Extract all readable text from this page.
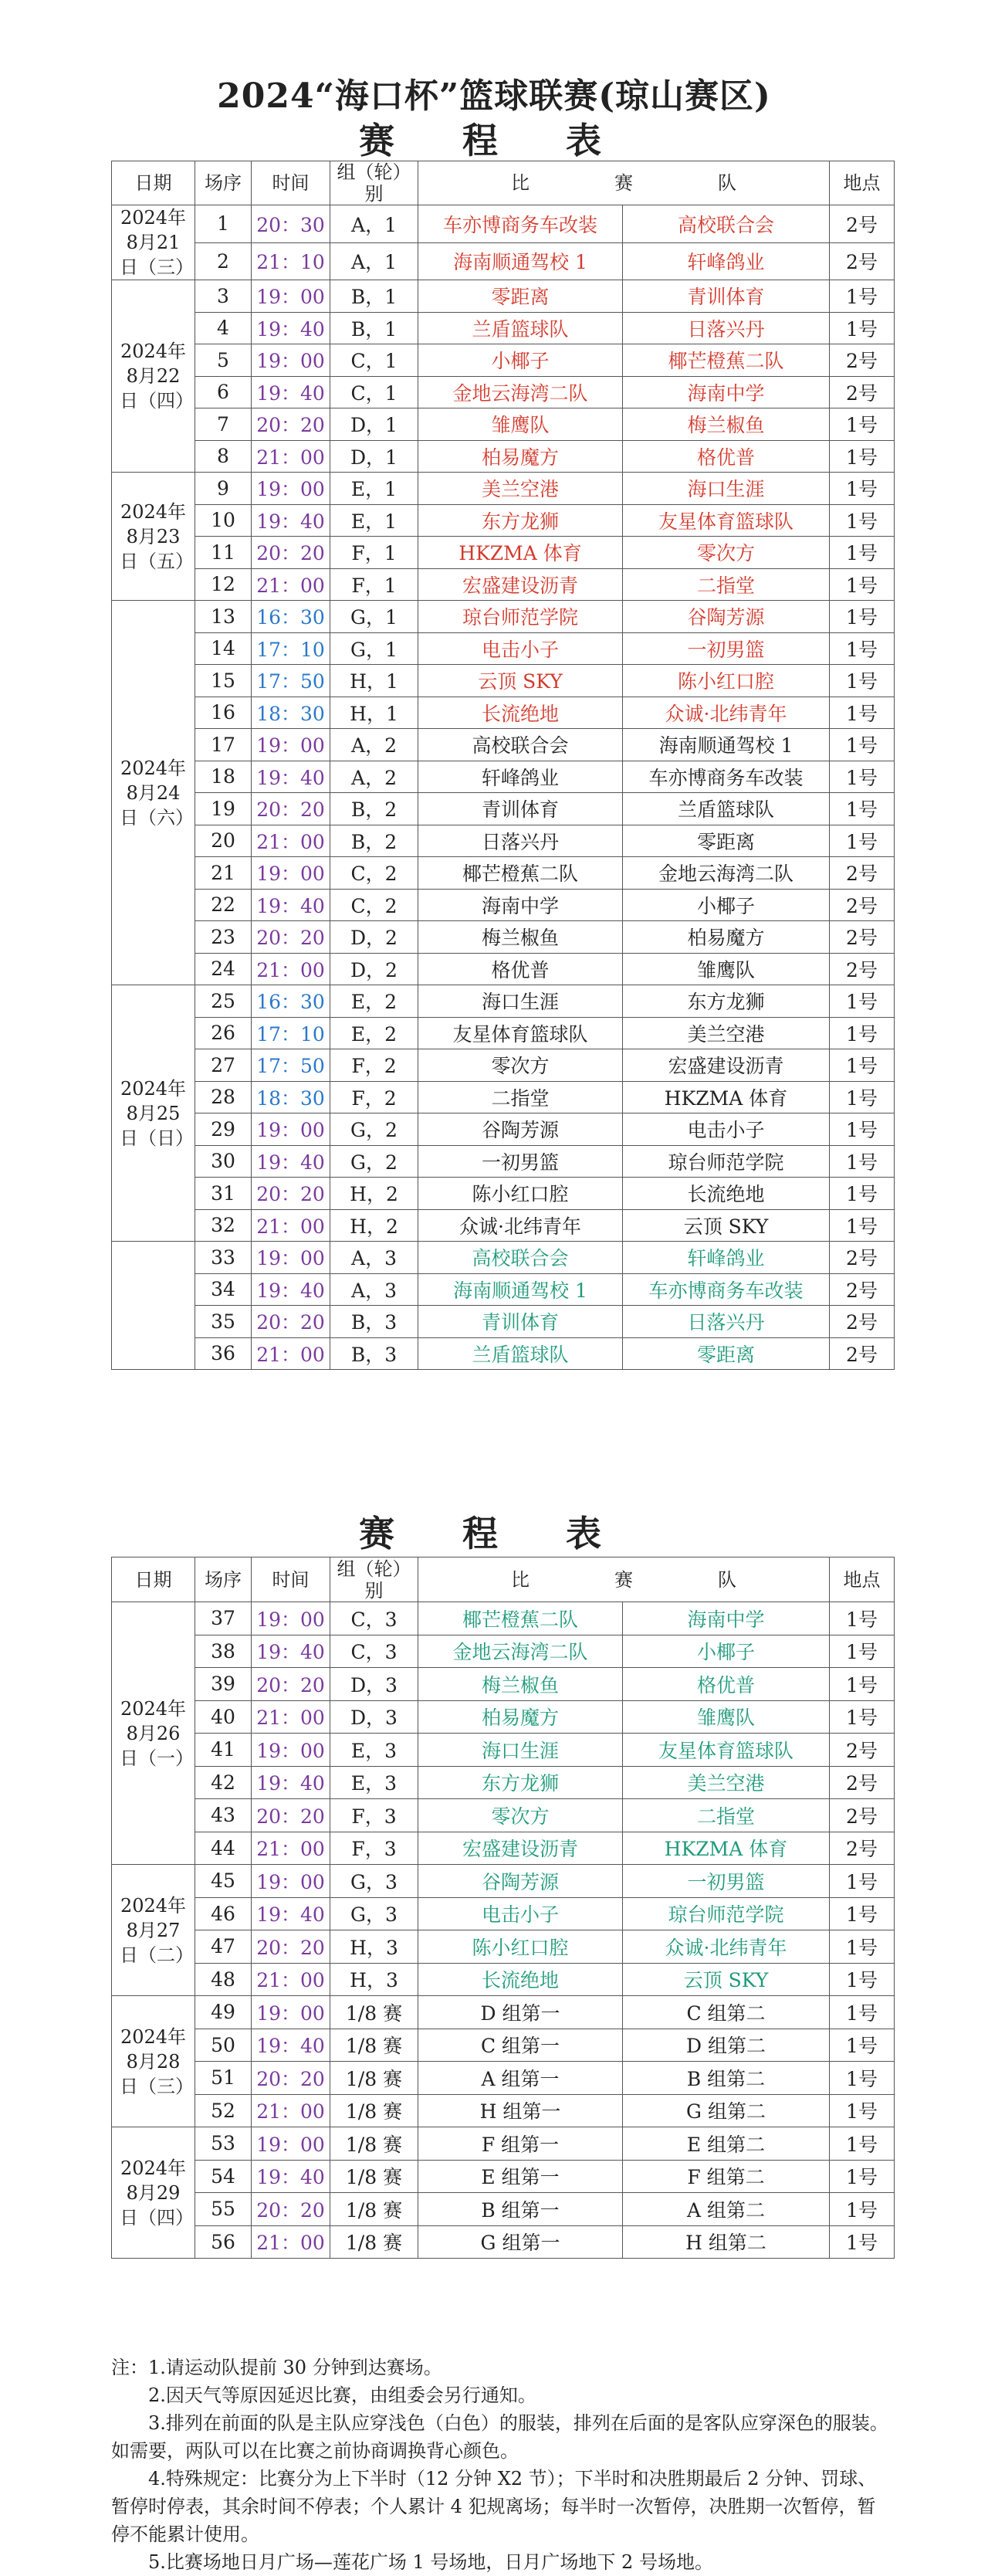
2024“海口杯”篮球联赛(琼山赛区)
赛 程 表
日期	场序	时间	组（轮）别	比 赛 队		地点
2024年8月21日（三）	1	20：30	A，1	车亦博商务车改装	高校联合会	2号
	2	21：10	A，1	海南顺通驾校 1	轩峰鸽业	2号
2024年8月22日（四）	3	19：00	B，1	零距离	青训体育	1号
	4	19：40	B，1	兰盾篮球队	日落兴丹	1号
	5	19：00	C，1	小椰子	椰芒橙蕉二队	2号
	6	19：40	C，1	金地云海湾二队	海南中学	2号
	7	20：20	D，1	雏鹰队	梅兰椒鱼	1号
	8	21：00	D，1	柏易魔方	格优普	1号
2024年8月23日（五）	9	19：00	E，1	美兰空港	海口生涯	1号
	10	19：40	E，1	东方龙狮	友星体育篮球队	1号
	11	20：20	F，1	HKZMA 体育	零次方	1号
	12	21：00	F，1	宏盛建设沥青	二指堂	1号
2024年8月24日（六）	13	16：30	G，1	琼台师范学院	谷陶芳源	1号
	14	17：10	G，1	电击小子	一初男篮	1号
	15	17：50	H，1	云顶 SKY	陈小红口腔	1号
	16	18：30	H，1	长流绝地	众诚·北纬青年	1号
	17	19：00	A，2	高校联合会	海南顺通驾校 1	1号
	18	19：40	A，2	轩峰鸽业	车亦博商务车改装	1号
	19	20：20	B，2	青训体育	兰盾篮球队	1号
	20	21：00	B，2	日落兴丹	零距离	1号
	21	19：00	C，2	椰芒橙蕉二队	金地云海湾二队	2号
	22	19：40	C，2	海南中学	小椰子	2号
	23	20：20	D，2	梅兰椒鱼	柏易魔方	2号
	24	21：00	D，2	格优普	雏鹰队	2号
2024年8月25日（日）	25	16：30	E，2	海口生涯	东方龙狮	1号
	26	17：10	E，2	友星体育篮球队	美兰空港	1号
	27	17：50	F，2	零次方	宏盛建设沥青	1号
	28	18：30	F，2	二指堂	HKZMA 体育	1号
	29	19：00	G，2	谷陶芳源	电击小子	1号
	30	19：40	G，2	一初男篮	琼台师范学院	1号
	31	20：20	H，2	陈小红口腔	长流绝地	1号
	32	21：00	H，2	众诚·北纬青年	云顶 SKY	1号
	33	19：00	A，3	高校联合会	轩峰鸽业	2号
	34	19：40	A，3	海南顺通驾校 1	车亦博商务车改装	2号
	35	20：20	B，3	青训体育	日落兴丹	2号
	36	21：00	B，3	兰盾篮球队	零距离	2号
赛 程 表
日期	场序	时间	组（轮）别	比 赛 队		地点
2024年8月26日（一）	37	19：00	C，3	椰芒橙蕉二队	海南中学	1号
	38	19：40	C，3	金地云海湾二队	小椰子	1号
	39	20：20	D，3	梅兰椒鱼	格优普	1号
	40	21：00	D，3	柏易魔方	雏鹰队	1号
	41	19：00	E，3	海口生涯	友星体育篮球队	2号
	42	19：40	E，3	东方龙狮	美兰空港	2号
	43	20：20	F，3	零次方	二指堂	2号
	44	21：00	F，3	宏盛建设沥青	HKZMA 体育	2号
2024年8月27日（二）	45	19：00	G，3	谷陶芳源	一初男篮	1号
	46	19：40	G，3	电击小子	琼台师范学院	1号
	47	20：20	H，3	陈小红口腔	众诚·北纬青年	1号
	48	21：00	H，3	长流绝地	云顶 SKY	1号
2024年8月28日（三）	49	19：00	1/8 赛	D 组第一	C 组第二	1号
	50	19：40	1/8 赛	C 组第一	D 组第二	1号
	51	20：20	1/8 赛	A 组第一	B 组第二	1号
	52	21：00	1/8 赛	H 组第一	G 组第二	1号
2024年8月29日（四）	53	19：00	1/8 赛	F 组第一	E 组第二	1号
	54	19：40	1/8 赛	E 组第一	F 组第二	1号
	55	20：20	1/8 赛	B 组第一	A 组第二	1号
	56	21：00	1/8 赛	G 组第一	H 组第二	1号

注：1.请运动队提前 30 分钟到达赛场。

2.因天气等原因延迟比赛，由组委会另行通知。

3.排列在前面的队是主队应穿浅色（白色）的服装，排列在后面的是客队应穿深色的服装。如需要，两队可以在比赛之前协商调换背心颜色。

4.特殊规定：比赛分为上下半时（12 分钟 X2 节）；下半时和决胜期最后 2 分钟、罚球、暂停时停表，其余时间不停表；个人累计 4 犯规离场；每半时一次暂停，决胜期一次暂停，暂停不能累计使用。

5.比赛场地日月广场—莲花广场 1 号场地，日月广场地下 2 号场地。
